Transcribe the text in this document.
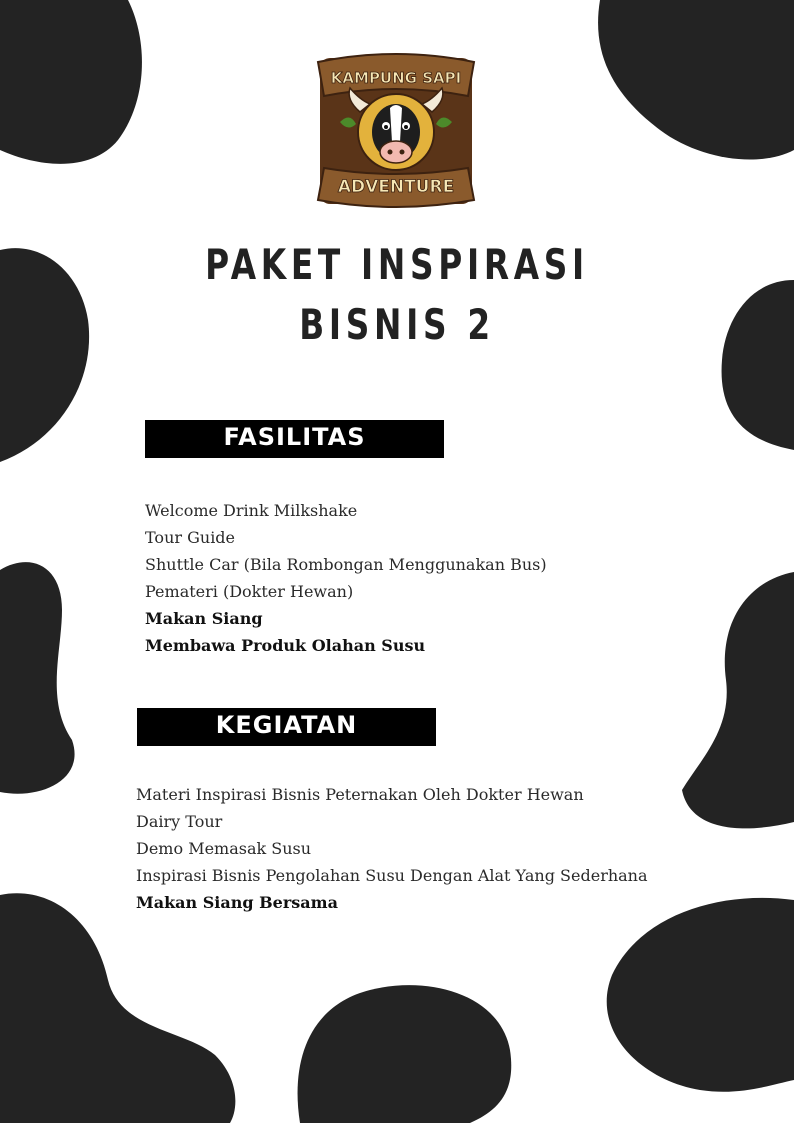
KAMPUNG SAPI
ADVENTURE
PAKET INSPIRASI
BISNIS 2
FASILITAS
Welcome Drink Milkshake
Tour Guide
Shuttle Car (Bila Rombongan Menggunakan Bus)
Pemateri (Dokter Hewan)
Makan Siang
Membawa Produk Olahan Susu
KEGIATAN
Materi Inspirasi Bisnis Peternakan Oleh Dokter Hewan
Dairy Tour
Demo Memasak Susu
Inspirasi Bisnis Pengolahan Susu Dengan Alat Yang Sederhana
Makan Siang Bersama
